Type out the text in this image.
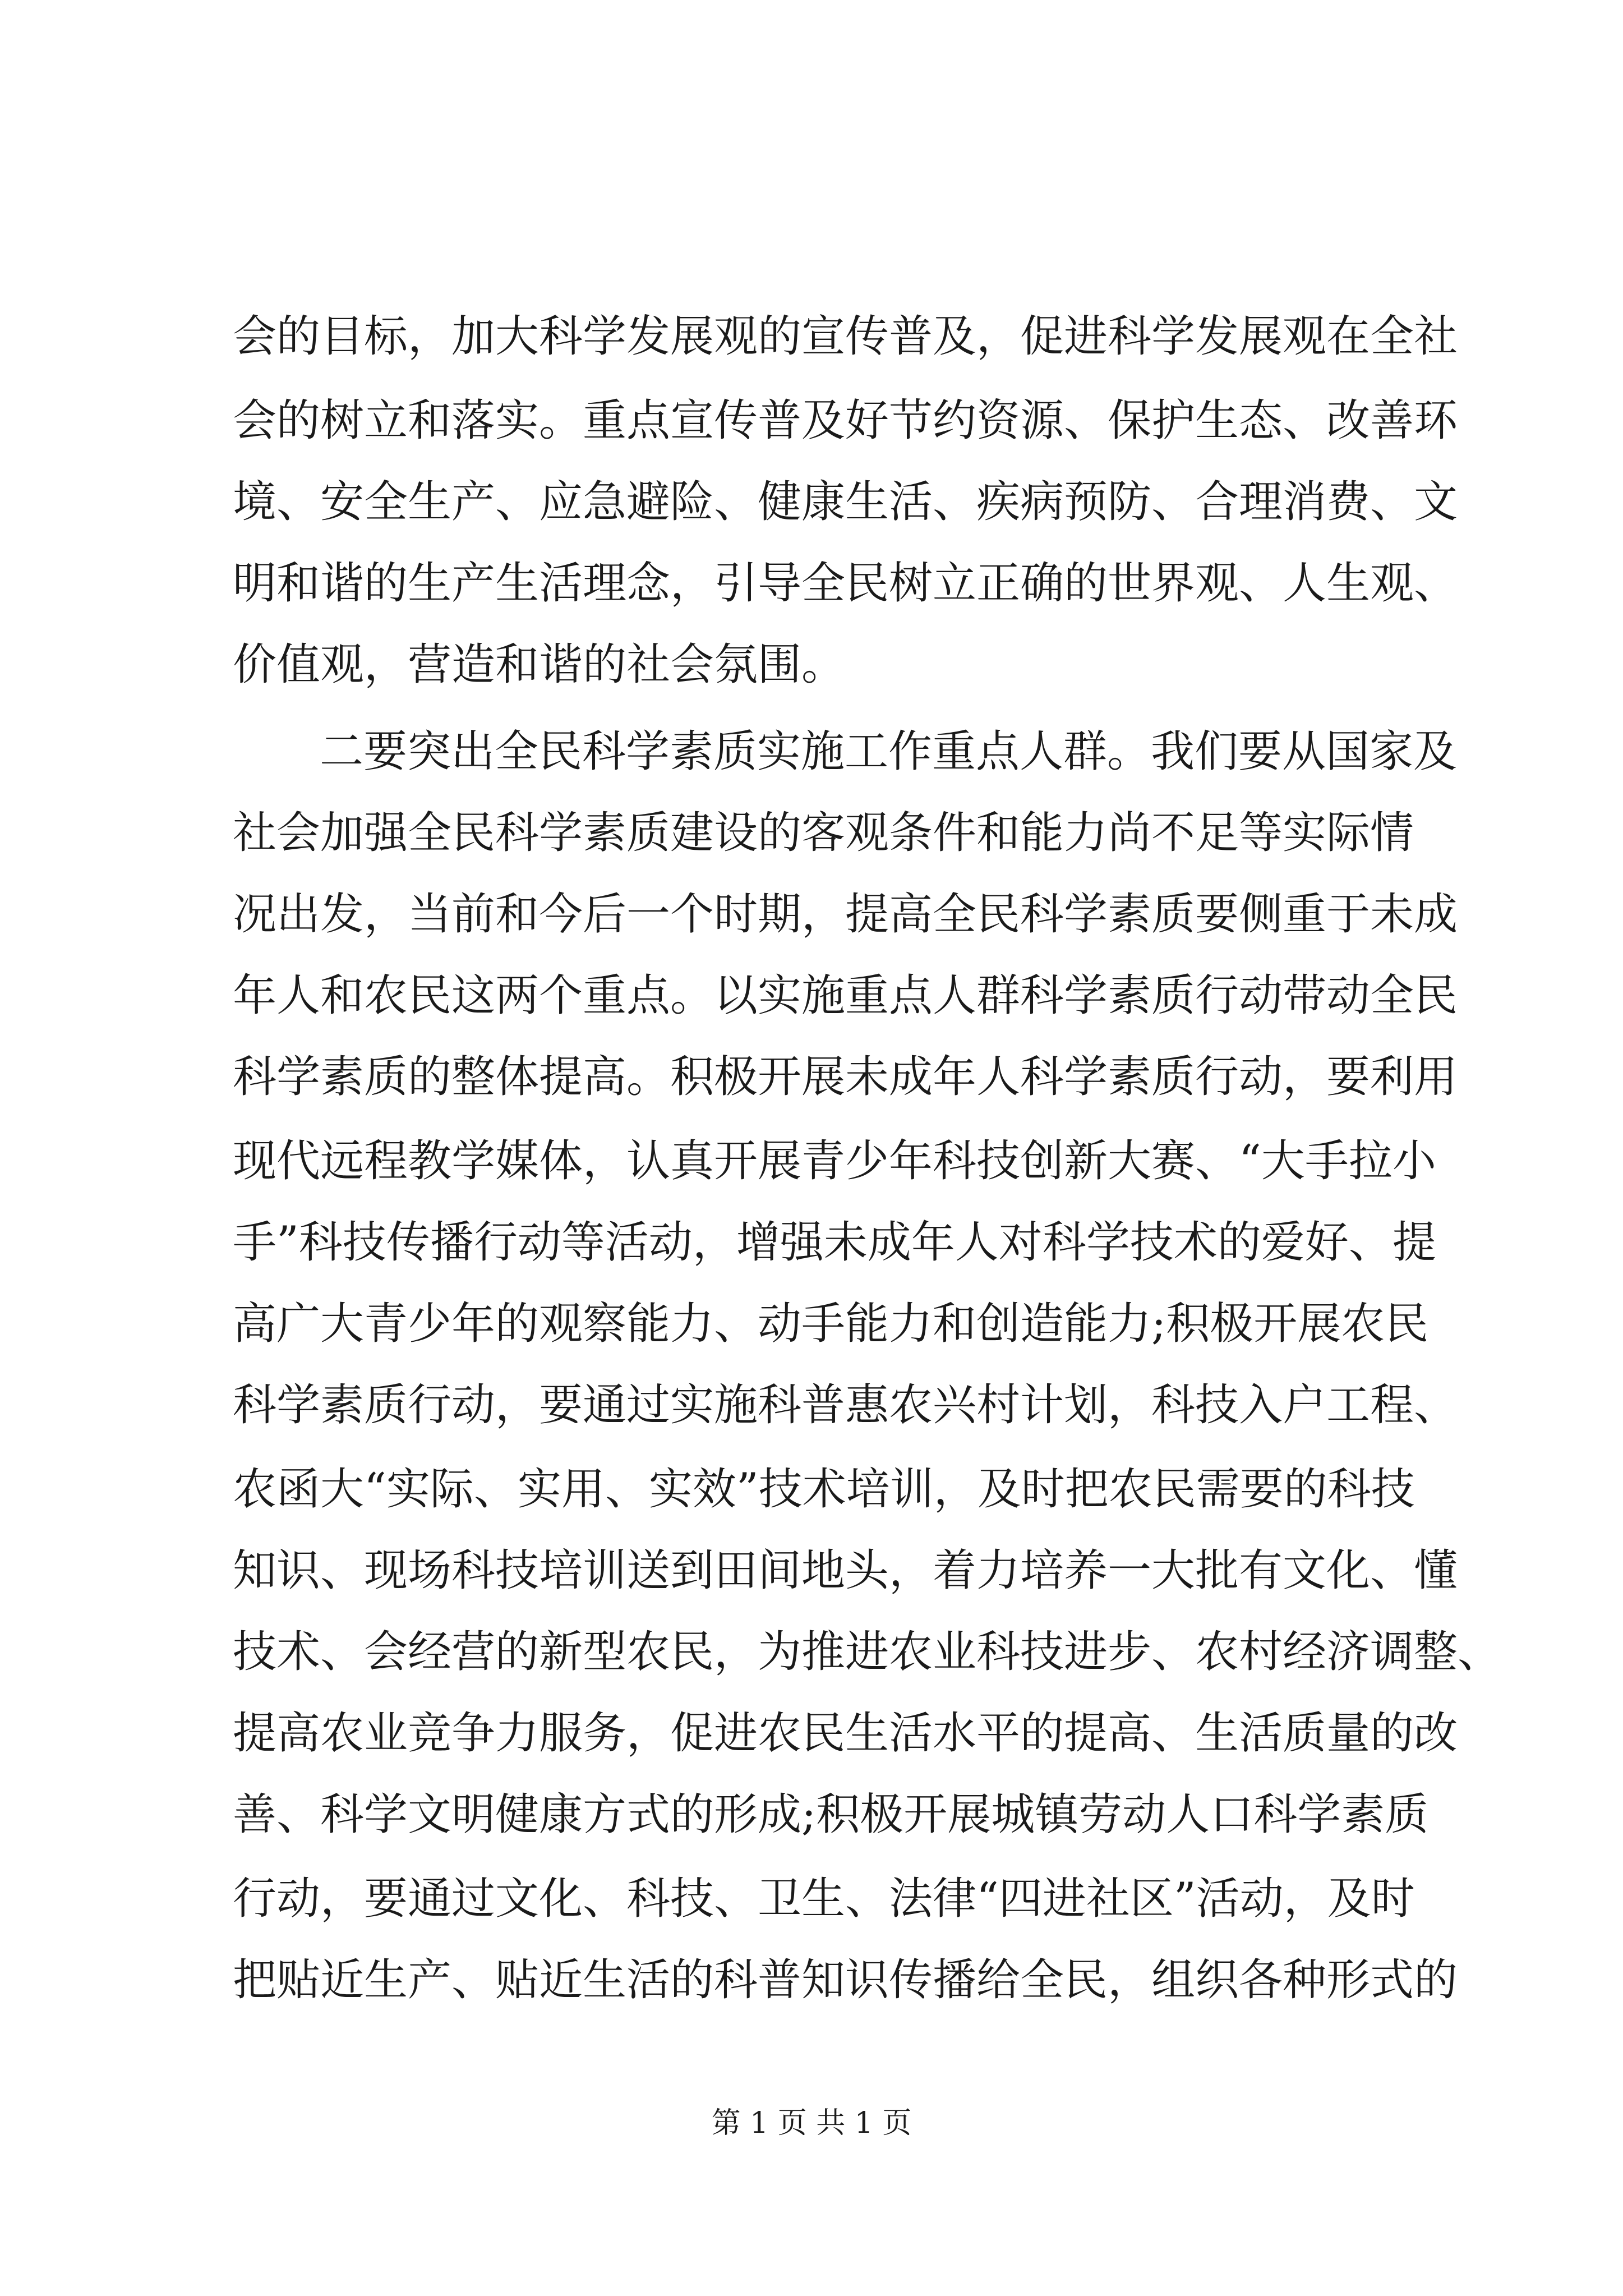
会的目标，加大科学发展观的宣传普及，促进科学发展观在全社
会的树立和落实。重点宣传普及好节约资源、保护生态、改善环
境、安全生产、应急避险、健康生活、疾病预防、合理消费、文
明和谐的生产生活理念，引导全民树立正确的世界观、人生观、
价值观，营造和谐的社会氛围。
二要突出全民科学素质实施工作重点人群。我们要从国家及
社会加强全民科学素质建设的客观条件和能力尚不足等实际情
况出发，当前和今后一个时期，提高全民科学素质要侧重于未成
年人和农民这两个重点。以实施重点人群科学素质行动带动全民
科学素质的整体提高。积极开展未成年人科学素质行动，要利用
现代远程教学媒体，认真开展青少年科技创新大赛、“大手拉小
手”科技传播行动等活动，增强未成年人对科学技术的爱好、提
高广大青少年的观察能力、动手能力和创造能力;积极开展农民
科学素质行动，要通过实施科普惠农兴村计划，科技入户工程、
农函大“实际、实用、实效”技术培训，及时把农民需要的科技
知识、现场科技培训送到田间地头，着力培养一大批有文化、懂
技术、会经营的新型农民，为推进农业科技进步、农村经济调整、
提高农业竞争力服务，促进农民生活水平的提高、生活质量的改
善、科学文明健康方式的形成;积极开展城镇劳动人口科学素质
行动，要通过文化、科技、卫生、法律“四进社区”活动，及时
把贴近生产、贴近生活的科普知识传播给全民，组织各种形式的
第 1 页 共 1 页
